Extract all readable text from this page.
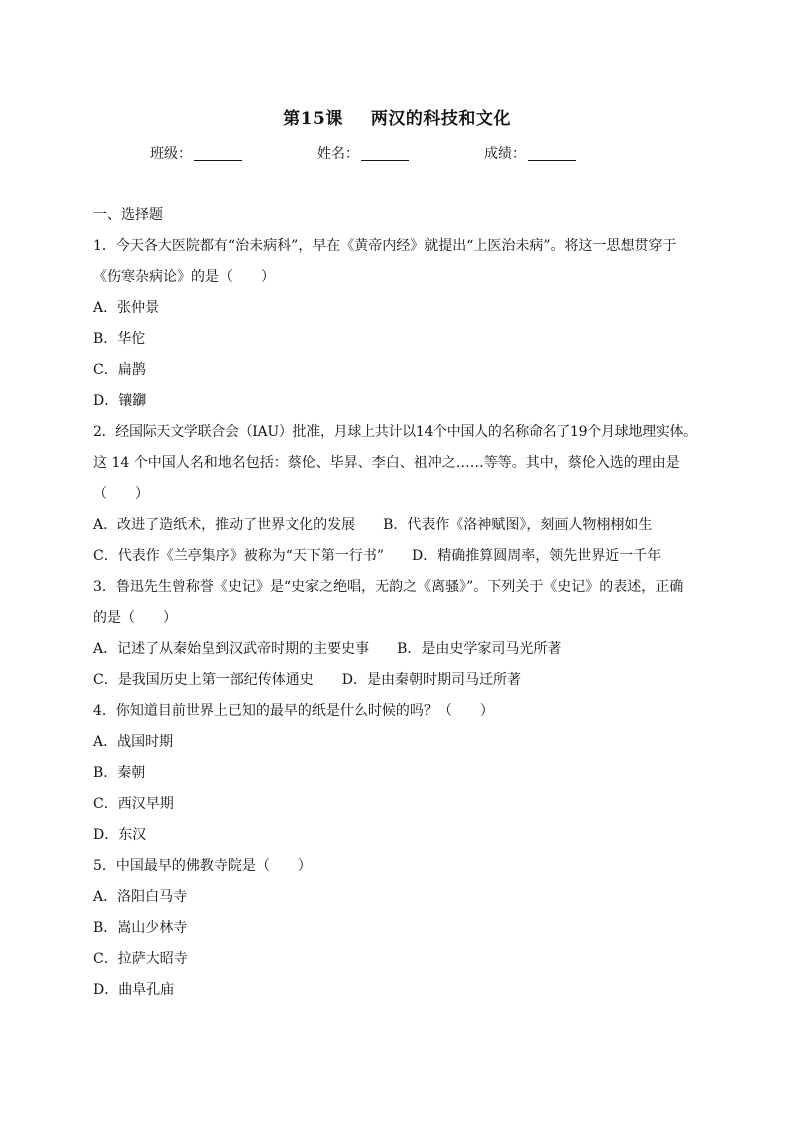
第15课 两汉的科技和文化
班级：	姓名：	成绩：
一、选择题
1．今天各大医院都有“治未病科”，早在《黄帝内经》就提出“上医治未病”。将这一思想贯穿于
《伤寒杂病论》的是（　　）
A．张仲景
B．华佗
C．扁鹊
D．镶䥏
2．经国际天文学联合会（IAU）批准，月球上共计以14个中国人的名称命名了19个月球地理实体。
这 14 个中国人名和地名包括：蔡伦、毕昇、李白、祖冲之……等等。其中，蔡伦入选的理由是
（　　）
A．改进了造纸术，推动了世界文化的发展 B．代表作《洛神赋图》，刻画人物栩栩如生
C．代表作《兰亭集序》被称为“天下第一行书” D．精确推算圆周率，领先世界近一千年
3．鲁迅先生曾称誉《史记》是“史家之绝唱，无韵之《离骚》”。下列关于《史记》的表述，正确
的是（　　）
A．记述了从秦始皇到汉武帝时期的主要史事 B．是由史学家司马光所著
C．是我国历史上第一部纪传体通史 D．是由秦朝时期司马迁所著
4．你知道目前世界上已知的最早的纸是什么时候的吗？（　　）
A．战国时期
B．秦朝
C．西汉早期
D．东汉
5．中国最早的佛教寺院是（　　）
A．洛阳白马寺
B．嵩山少林寺
C．拉萨大昭寺
D．曲阜孔庙
